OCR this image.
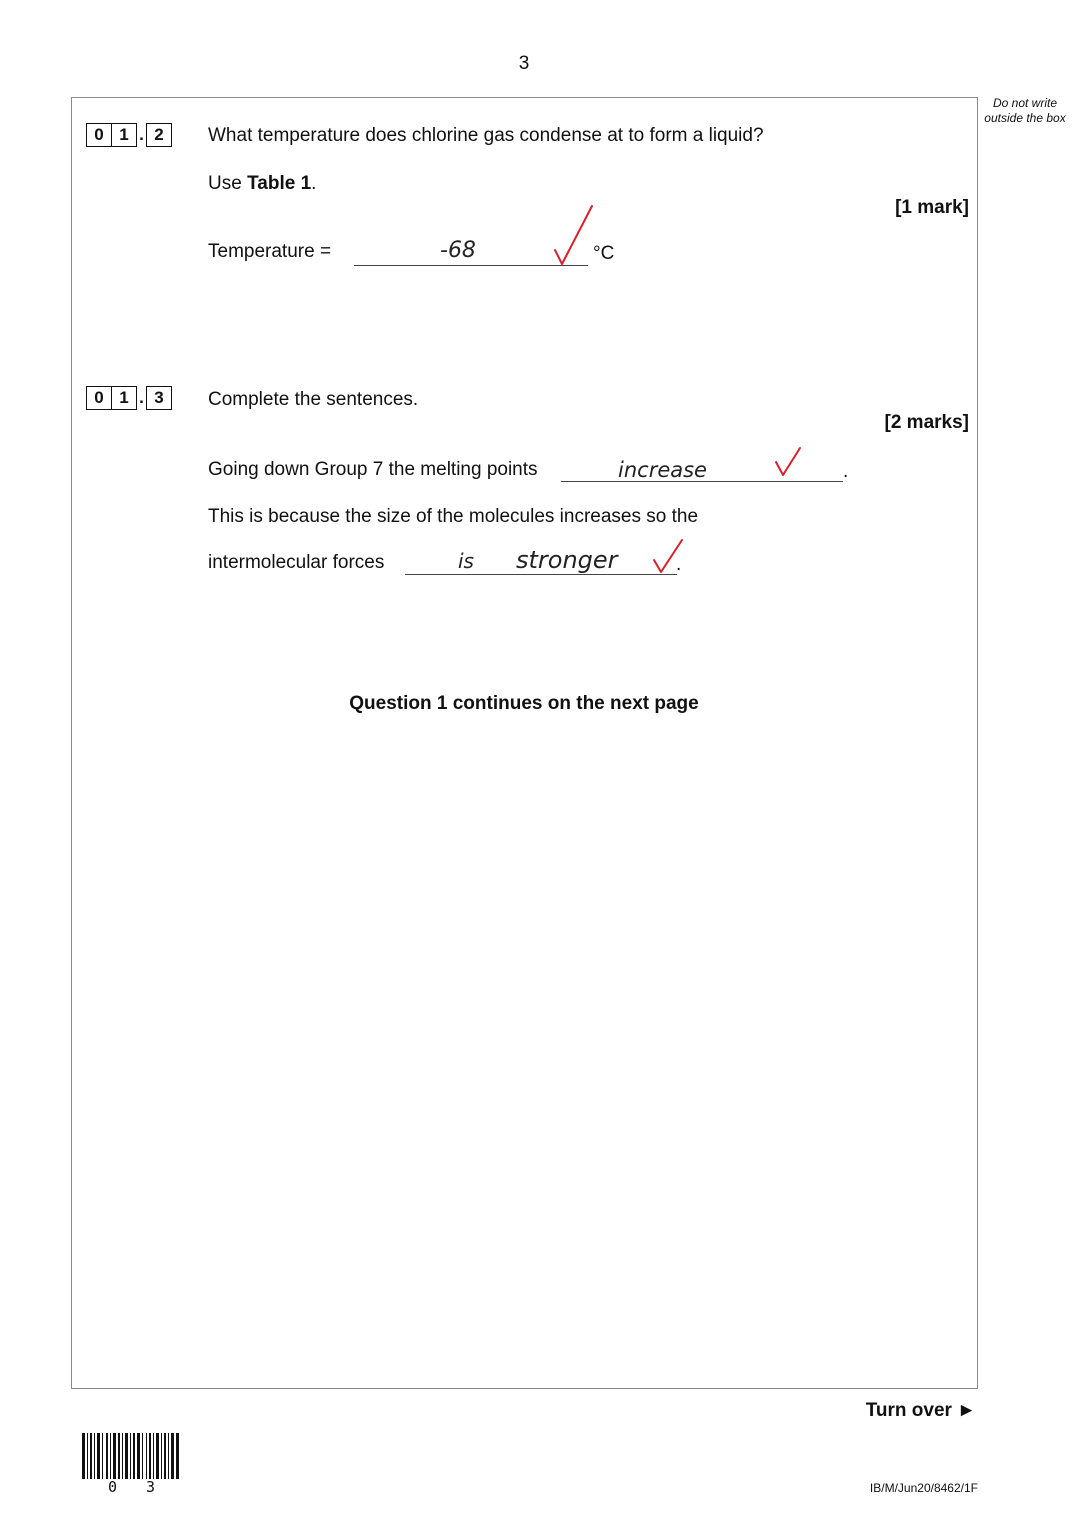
3
Do not write outside the box
0 1 . 2	What temperature does chlorine gas condense at to form a liquid?
Use Table 1.
[1 mark]
Temperature =	-68	°C
0 1 . 3	Complete the sentences.
[2 marks]
Going down Group 7 the melting points	increase	.
This is because the size of the molecules increases so the
intermolecular forces	is stronger	.
Question 1 continues on the next page
Turn over ►
0 3	IB/M/Jun20/8462/1F
